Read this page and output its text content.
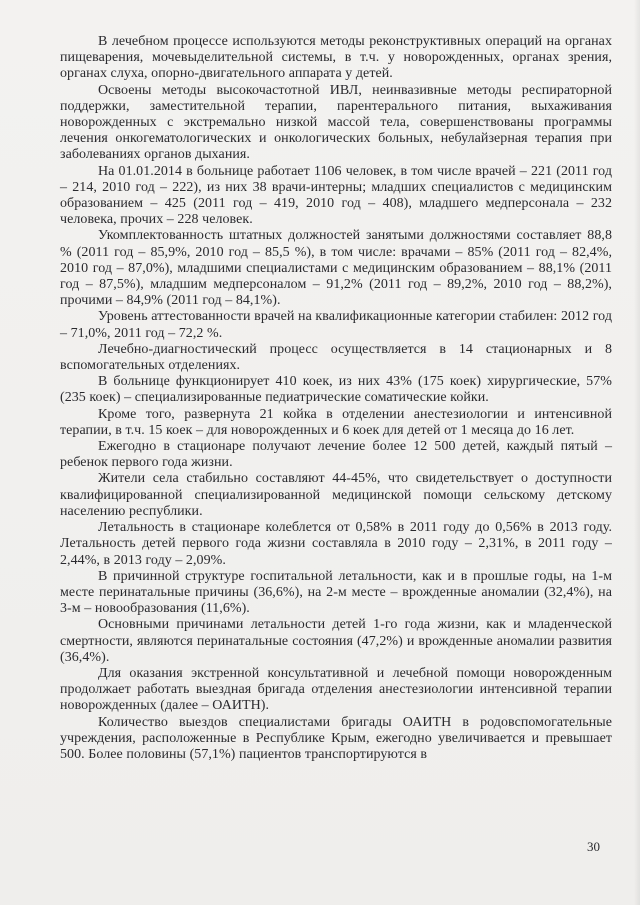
В лечебном процессе используются методы реконструктивных операций на органах пищеварения, мочевыделительной системы, в т.ч. у новорожденных, органах зрения, органах слуха, опорно-двигательного аппарата у детей.

Освоены методы высокочастотной ИВЛ, неинвазивные методы респираторной поддержки, заместительной терапии, парентерального питания, выхаживания новорожденных с экстремально низкой массой тела, совершенствованы программы лечения онкогематологических и онкологических больных, небулайзерная терапия при заболеваниях органов дыхания.

На 01.01.2014 в больнице работает 1106 человек, в том числе врачей – 221 (2011 год – 214, 2010 год – 222), из них 38 врачи-интерны; младших специалистов с медицинским образованием – 425 (2011 год – 419, 2010 год – 408), младшего медперсонала – 232 человека, прочих – 228 человек.

Укомплектованность штатных должностей занятыми должностями составляет 88,8 % (2011 год – 85,9%, 2010 год – 85,5 %), в том числе: врачами – 85% (2011 год – 82,4%, 2010 год – 87,0%), младшими специалистами с медицинским образованием – 88,1% (2011 год – 87,5%), младшим медперсоналом – 91,2% (2011 год – 89,2%, 2010 год – 88,2%), прочими – 84,9% (2011 год – 84,1%).

Уровень аттестованности врачей на квалификационные категории стабилен: 2012 год – 71,0%, 2011 год – 72,2 %.

Лечебно-диагностический процесс осуществляется в 14 стационарных и 8 вспомогательных отделениях.

В больнице функционирует 410 коек, из них 43% (175 коек) хирургические, 57% (235 коек) – специализированные педиатрические соматические койки.

Кроме того, развернута 21 койка в отделении анестезиологии и интенсивной терапии, в т.ч. 15 коек – для новорожденных и 6 коек для детей от 1 месяца до 16 лет.

Ежегодно в стационаре получают лечение более 12 500 детей, каждый пятый – ребенок первого года жизни.

Жители села стабильно составляют 44-45%, что свидетельствует о доступности квалифицированной специализированной медицинской помощи сельскому детскому населению республики.

Летальность в стационаре колеблется от 0,58% в 2011 году до 0,56% в 2013 году. Летальность детей первого года жизни составляла в 2010 году – 2,31%, в 2011 году – 2,44%, в 2013 году – 2,09%.

В причинной структуре госпитальной летальности, как и в прошлые годы, на 1-м месте перинатальные причины (36,6%), на 2-м месте – врожденные аномалии (32,4%), на 3-м – новообразования (11,6%).

Основными причинами летальности детей 1-го года жизни, как и младенческой смертности, являются перинатальные состояния (47,2%) и врожденные аномалии развития (36,4%).

Для оказания экстренной консультативной и лечебной помощи новорожденным продолжает работать выездная бригада отделения анестезиологии интенсивной терапии новорожденных (далее – ОАИТН).

Количество выездов специалистами бригады ОАИТН в родовспомогательные учреждения, расположенные в Республике Крым, ежегодно увеличивается и превышает 500. Более половины (57,1%) пациентов транспортируются в

30
